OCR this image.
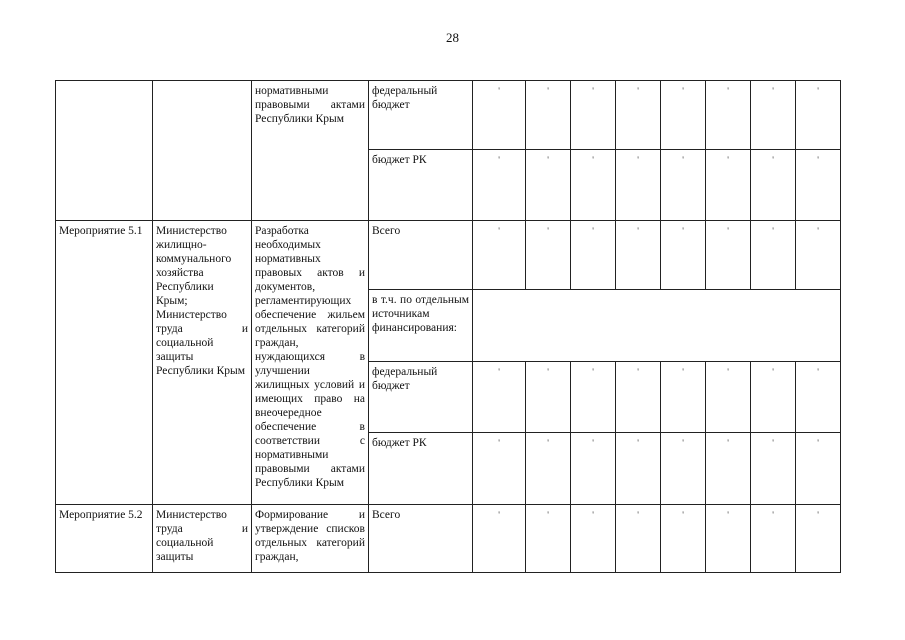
28
		нормативными правовыми актами Республики Крым	федеральный бюджет	'	'	'	'	'	'	'	'
			бюджет РК	'	'	'	'	'	'	'	'
Мероприятие 5.1	Министерство жилищно-коммунального хозяйства Республики Крым; Министерство труда и социальной защиты Республики Крым	Разработка необходимых нормативных правовых актов и документов, регламентирующих обеспечение жильем отдельных категорий граждан, нуждающихся в улучшении жилищных условий и имеющих право на внеочередное обеспечение в соответствии с нормативными правовыми актами Республики Крым	Всего	'	'	'	'	'	'	'	'
			в т.ч. по отдельным источникам финансирования:								
			федеральный бюджет	'	'	'	'	'	'	'	'
			бюджет РК	'	'	'	'	'	'	'	'
Мероприятие 5.2	Министерство труда и социальной защиты	Формирование и утверждение списков отдельных категорий граждан,	Всего	'	'	'	'	'	'	'	'
